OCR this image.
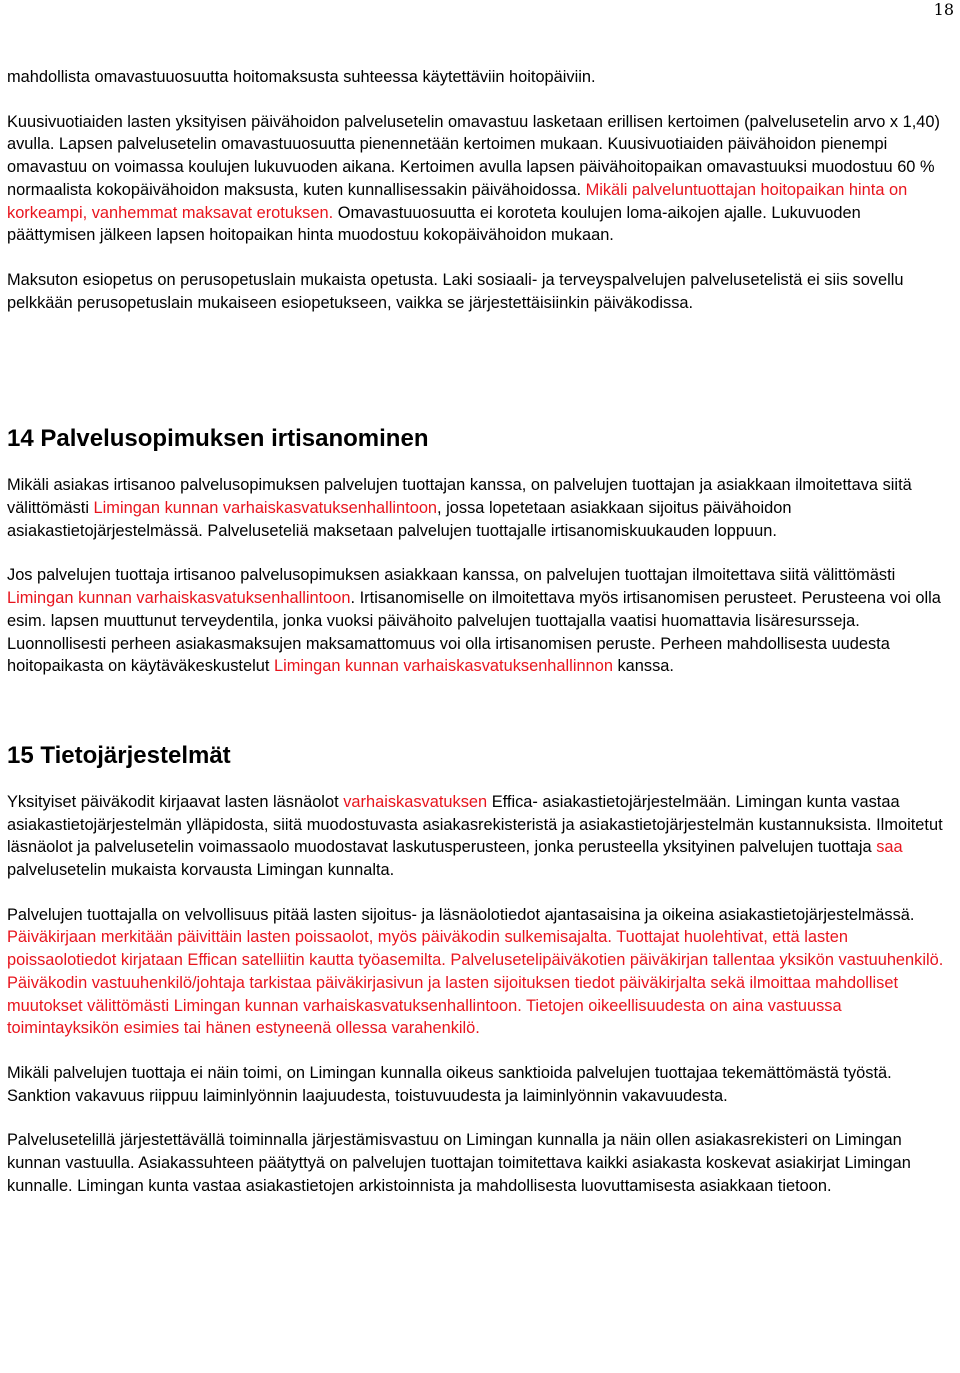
18

mahdollista omavastuuosuutta hoitomaksusta suhteessa käytettäviin hoitopäiviin.

Kuusivuotiaiden lasten yksityisen päivähoidon palvelusetelin omavastuu lasketaan erillisen kertoimen (palvelusetelin arvo x 1,40) avulla. Lapsen palvelusetelin omavastuuosuutta pienennetään kertoimen mukaan. Kuusivuotiaiden päivähoidon pienempi omavastuu on voimassa koulujen lukuvuoden aikana. Kertoimen avulla lapsen päivähoitopaikan omavastuuksi muodostuu 60 % normaalista kokopäivähoidon maksusta, kuten kunnallisessakin päivähoidossa. Mikäli palveluntuottajan hoitopaikan hinta on korkeampi, vanhemmat maksavat erotuksen. Omavastuuosuutta ei koroteta koulujen loma-aikojen ajalle. Lukuvuoden päättymisen jälkeen lapsen hoitopaikan hinta muodostuu kokopäivähoidon mukaan.

Maksuton esiopetus on perusopetuslain mukaista opetusta. Laki sosiaali- ja terveyspalvelujen palvelusetelistä ei siis sovellu pelkkään perusopetuslain mukaiseen esiopetukseen, vaikka se järjestettäisiinkin päiväkodissa.

14 Palvelusopimuksen irtisanominen

Mikäli asiakas irtisanoo palvelusopimuksen palvelujen tuottajan kanssa, on palvelujen tuottajan ja asiakkaan ilmoitettava siitä välittömästi Limingan kunnan varhaiskasvatuksenhallintoon, jossa lopetetaan asiakkaan sijoitus päivähoidon asiakastietojärjestelmässä. Palveluseteliä maksetaan palvelujen tuottajalle irtisanomiskuukauden loppuun.

Jos palvelujen tuottaja irtisanoo palvelusopimuksen asiakkaan kanssa, on palvelujen tuottajan ilmoitettava siitä välittömästi Limingan kunnan varhaiskasvatuksenhallintoon. Irtisanomiselle on ilmoitettava myös irtisanomisen perusteet. Perusteena voi olla esim. lapsen muuttunut terveydentila, jonka vuoksi päivähoito palvelujen tuottajalla vaatisi huomattavia lisäresursseja. Luonnollisesti perheen asiakasmaksujen maksamattomuus voi olla irtisanomisen peruste. Perheen mahdollisesta uudesta hoitopaikasta on käytäväkeskustelut Limingan kunnan varhaiskasvatuksenhallinnon kanssa.

15 Tietojärjestelmät

Yksityiset päiväkodit kirjaavat lasten läsnäolot varhaiskasvatuksen Effica- asiakastietojärjestelmään. Limingan kunta vastaa asiakastietojärjestelmän ylläpidosta, siitä muodostuvasta asiakasrekisteristä ja asiakastietojärjestelmän kustannuksista. Ilmoitetut läsnäolot ja palvelusetelin voimassaolo muodostavat laskutusperusteen, jonka perusteella yksityinen palvelujen tuottaja saa palvelusetelin mukaista korvausta Limingan kunnalta.

Palvelujen tuottajalla on velvollisuus pitää lasten sijoitus- ja läsnäolotiedot ajantasaisina ja oikeina asiakastietojärjestelmässä. Päiväkirjaan merkitään päivittäin lasten poissaolot, myös päiväkodin sulkemisajalta. Tuottajat huolehtivat, että lasten poissaolotiedot kirjataan Effican satelliitin kautta työasemilta. Palvelusetelipäiväkotien päiväkirjan tallentaa yksikön vastuuhenkilö. Päiväkodin vastuuhenkilö/johtaja tarkistaa päiväkirjasivun ja lasten sijoituksen tiedot päiväkirjalta sekä ilmoittaa mahdolliset muutokset välittömästi Limingan kunnan varhaiskasvatuksenhallintoon. Tietojen oikeellisuudesta on aina vastuussa toimintayksikön esimies tai hänen estyneenä ollessa varahenkilö.

Mikäli palvelujen tuottaja ei näin toimi, on Limingan kunnalla oikeus sanktioida palvelujen tuottajaa tekemättömästä työstä. Sanktion vakavuus riippuu laiminlyönnin laajuudesta, toistuvuudesta ja laiminlyönnin vakavuudesta.

Palvelusetelillä järjestettävällä toiminnalla järjestämisvastuu on Limingan kunnalla ja näin ollen asiakasrekisteri on Limingan kunnan vastuulla. Asiakassuhteen päätyttyä on palvelujen tuottajan toimitettava kaikki asiakasta koskevat asiakirjat Limingan kunnalle. Limingan kunta vastaa asiakastietojen arkistoinnista ja mahdollisesta luovuttamisesta asiakkaan tietoon.
